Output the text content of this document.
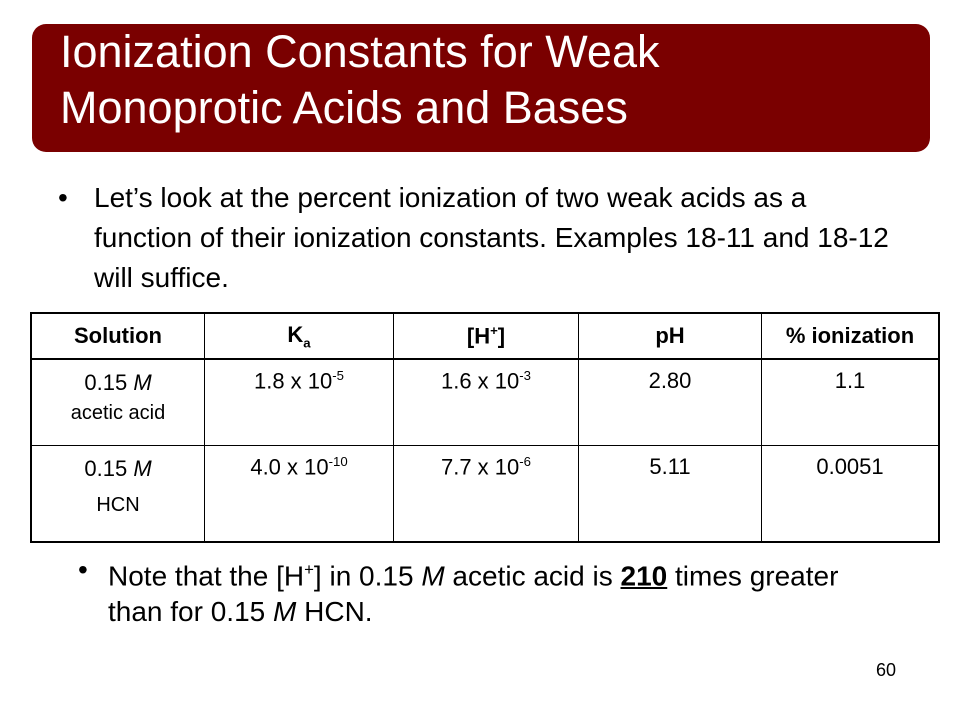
Ionization Constants for Weak
Monoprotic Acids and Bases
• Let’s look at the percent ionization of two weak acids as a function of their ionization constants. Examples 18-11 and 18-12 will suffice.
Solution	$K_a$	[H+]	pH	% ionization

0.15 M
acetic acid	1.8 x $10^{-5}$	1.6 x $10^{-3}$	2.80	1.1

0.15 M
HCN	4.0 x $10^{-10}$	7.7 x $10^{-6}$	5.11	0.0051
• Note that the [H+] in 0.15 M acetic acid is 210 times greater than for 0.15 M HCN.
60
